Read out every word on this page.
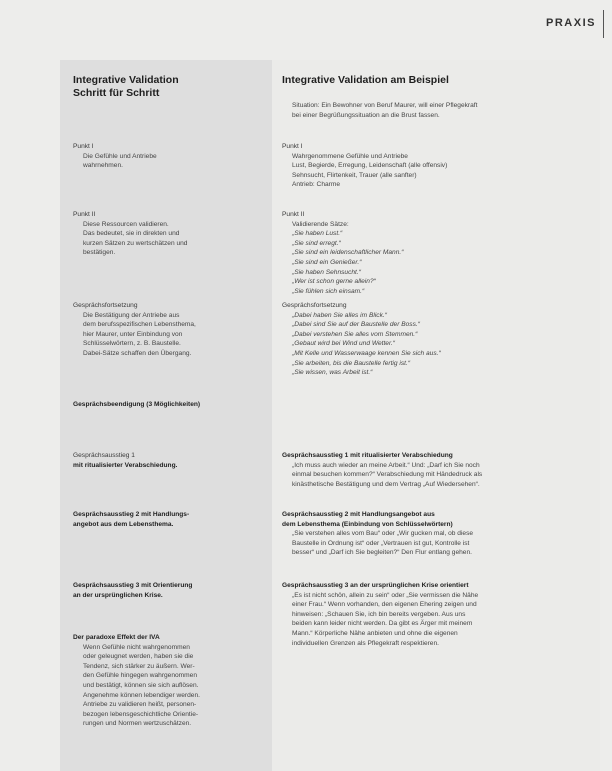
PRAXIS
Integrative Validation
Schritt für Schritt
Punkt I
Die Gefühle und Antriebe
wahrnehmen.
Punkt II
Diese Ressourcen validieren.
Das bedeutet, sie in direkten und
kurzen Sätzen zu wertschätzen und
bestätigen.
Gesprächsfortsetzung
Die Bestätigung der Antriebe aus
dem berufsspezifischen Lebensthema,
hier Maurer, unter Einbindung von
Schlüsselwörtern, z. B. Baustelle.
Dabei-Sätze schaffen den Übergang.
Gesprächsbeendigung (3 Möglichkeiten)
Gesprächsausstieg 1
mit ritualisierter Verabschiedung.
Gesprächsausstieg 2 mit Handlungs-
angebot aus dem Lebensthema.
Gesprächsausstieg 3 mit Orientierung
an der ursprünglichen Krise.
Der paradoxe Effekt der IVA
Wenn Gefühle nicht wahrgenommen
oder geleugnet werden, haben sie die
Tendenz, sich stärker zu äußern. Wer-
den Gefühle hingegen wahrgenommen
und bestätigt, können sie sich auflösen.
Angenehme können lebendiger werden.
Antriebe zu validieren heißt, personen-
bezogen lebensgeschichtliche Orientie-
rungen und Normen wertzuschätzen.
Integrative Validation am Beispiel
Situation: Ein Bewohner von Beruf Maurer, will einer Pflegekraft
bei einer Begrüßungssituation an die Brust fassen.
Punkt I
Wahrgenommene Gefühle und Antriebe
Lust, Begierde, Erregung, Leidenschaft (alle offensiv)
Sehnsucht, Flirtenkeit, Trauer (alle sanfter)
Antrieb: Charme
Punkt II
Validierende Sätze:
„Sie haben Lust.“
„Sie sind erregt.“
„Sie sind ein leidenschaftlicher Mann.“
„Sie sind ein Genießer.“
„Sie haben Sehnsucht.“
„Wer ist schon gerne allein?“
„Sie fühlen sich einsam.“
Gesprächsfortsetzung
„Dabei haben Sie alles im Blick.“
„Dabei sind Sie auf der Baustelle der Boss.“
„Dabei verstehen Sie alles vom Stemmen.“
„Gebaut wird bei Wind und Wetter.“
„Mit Kelle und Wasserwaage kennen Sie sich aus.“
„Sie arbeiten, bis die Baustelle fertig ist.“
„Sie wissen, was Arbeit ist.“
Gesprächsausstieg 1 mit ritualisierter Verabschiedung
„Ich muss auch wieder an meine Arbeit.“ Und: „Darf ich Sie noch
einmal besuchen kommen?“ Verabschiedung mit Händedruck als
kinästhetische Bestätigung und dem Vertrag „Auf Wiedersehen“.
Gesprächsausstieg 2 mit Handlungsangebot aus
dem Lebensthema (Einbindung von Schlüsselwörtern)
„Sie verstehen alles vom Bau“ oder „Wir gucken mal, ob diese
Baustelle in Ordnung ist“ oder „Vertrauen ist gut, Kontrolle ist
besser“ und „Darf ich Sie begleiten?“ Den Flur entlang gehen.
Gesprächsausstieg 3 an der ursprünglichen Krise orientiert
„Es ist nicht schön, allein zu sein“ oder „Sie vermissen die Nähe
einer Frau.“ Wenn vorhanden, den eigenen Ehering zeigen und
hinweisen: „Schauen Sie, ich bin bereits vergeben. Aus uns
beiden kann leider nicht werden. Da gibt es Ärger mit meinem
Mann.“ Körperliche Nähe anbieten und ohne die eigenen
individuellen Grenzen als Pflegekraft respektieren.
